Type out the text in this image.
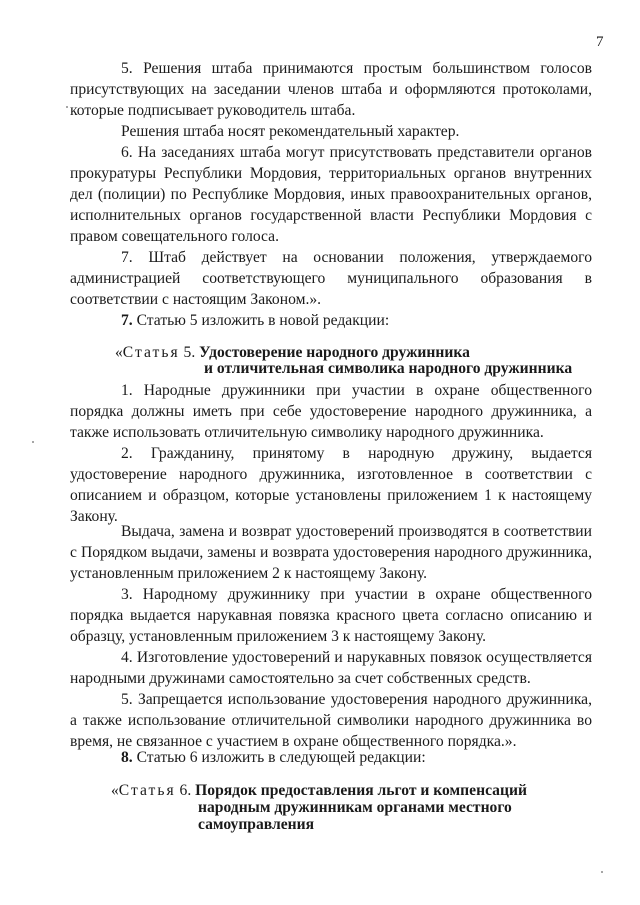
7

5. Решения штаба принимаются простым большинством голосов присутствующих на заседании членов штаба и оформляются протоколами, которые подписывает руководитель штаба.

Решения штаба носят рекомендательный характер.

6. На заседаниях штаба могут присутствовать представители органов прокуратуры Республики Мордовия, территориальных органов внутренних дел (полиции) по Республике Мордовия, иных правоохранительных органов, исполнительных органов государственной власти Республики Мордовия с правом совещательного голоса.

7. Штаб действует на основании положения, утверждаемого администрацией соответствующего муниципального образования в соответствии с настоящим Законом.».

7. Статью 5 изложить в новой редакции:

«Статья 5. Удостоверение народного дружинника
и отличительная символика народного дружинника

1. Народные дружинники при участии в охране общественного порядка должны иметь при себе удостоверение народного дружинника, а также использовать отличительную символику народного дружинника.

2. Гражданину, принятому в народную дружину, выдается удостоверение народного дружинника, изготовленное в соответствии с описанием и образцом, которые установлены приложением 1 к настоящему Закону.

Выдача, замена и возврат удостоверений производятся в соответствии с Порядком выдачи, замены и возврата удостоверения народного дружинника, установленным приложением 2 к настоящему Закону.

3. Народному дружиннику при участии в охране общественного порядка выдается нарукавная повязка красного цвета согласно описанию и образцу, установленным приложением 3 к настоящему Закону.

4. Изготовление удостоверений и нарукавных повязок осуществляется народными дружинами самостоятельно за счет собственных средств.

5. Запрещается использование удостоверения народного дружинника, а также использование отличительной символики народного дружинника во время, не связанное с участием в охране общественного порядка.».

8. Статью 6 изложить в следующей редакции:

«Статья 6. Порядок предоставления льгот и компенсаций
народным дружинникам органами местного
самоуправления
